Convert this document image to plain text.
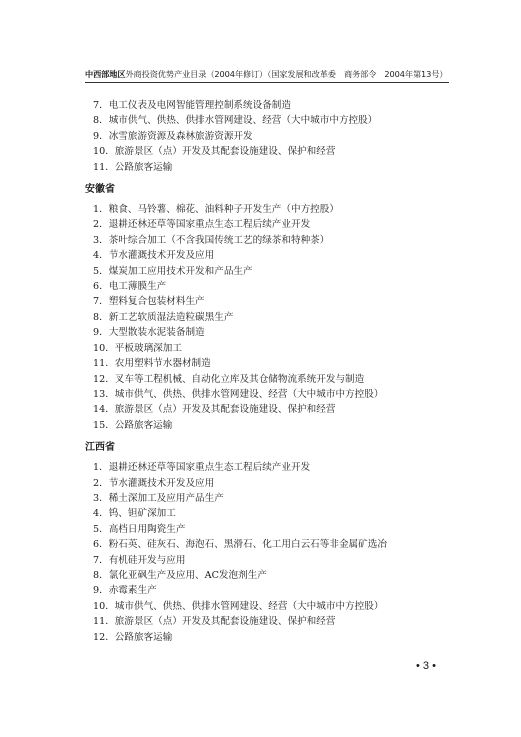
中西部地区外商投资优势产业目录（2004年修订）（国家发展和改革委　商务部令　2004年第13号）
7．电工仪表及电网智能管理控制系统设备制造
8．城市供气、供热、供排水管网建设、经营（大中城市中方控股）
9．冰雪旅游资源及森林旅游资源开发
10．旅游景区（点）开发及其配套设施建设、保护和经营
11．公路旅客运输
安徽省
1．粮食、马铃薯、棉花、油料种子开发生产（中方控股）
2．退耕还林还草等国家重点生态工程后续产业开发
3．茶叶综合加工（不含我国传统工艺的绿茶和特种茶）
4．节水灌溉技术开发及应用
5．煤炭加工应用技术开发和产品生产
6．电工薄膜生产
7．塑料复合包装材料生产
8．新工艺软质湿法造粒碳黑生产
9．大型散装水泥装备制造
10．平板玻璃深加工
11．农用塑料节水器材制造
12．叉车等工程机械、自动化立库及其仓储物流系统开发与制造
13．城市供气、供热、供排水管网建设、经营（大中城市中方控股）
14．旅游景区（点）开发及其配套设施建设、保护和经营
15．公路旅客运输
江西省
1．退耕还林还草等国家重点生态工程后续产业开发
2．节水灌溉技术开发及应用
3．稀土深加工及应用产品生产
4．钨、钽矿深加工
5．高档日用陶瓷生产
6．粉石英、硅灰石、海泡石、黑滑石、化工用白云石等非金属矿选冶
7．有机硅开发与应用
8．氯化亚砜生产及应用、AC发泡剂生产
9．赤霉素生产
10．城市供气、供热、供排水管网建设、经营（大中城市中方控股）
11．旅游景区（点）开发及其配套设施建设、保护和经营
12．公路旅客运输
• 3 •
